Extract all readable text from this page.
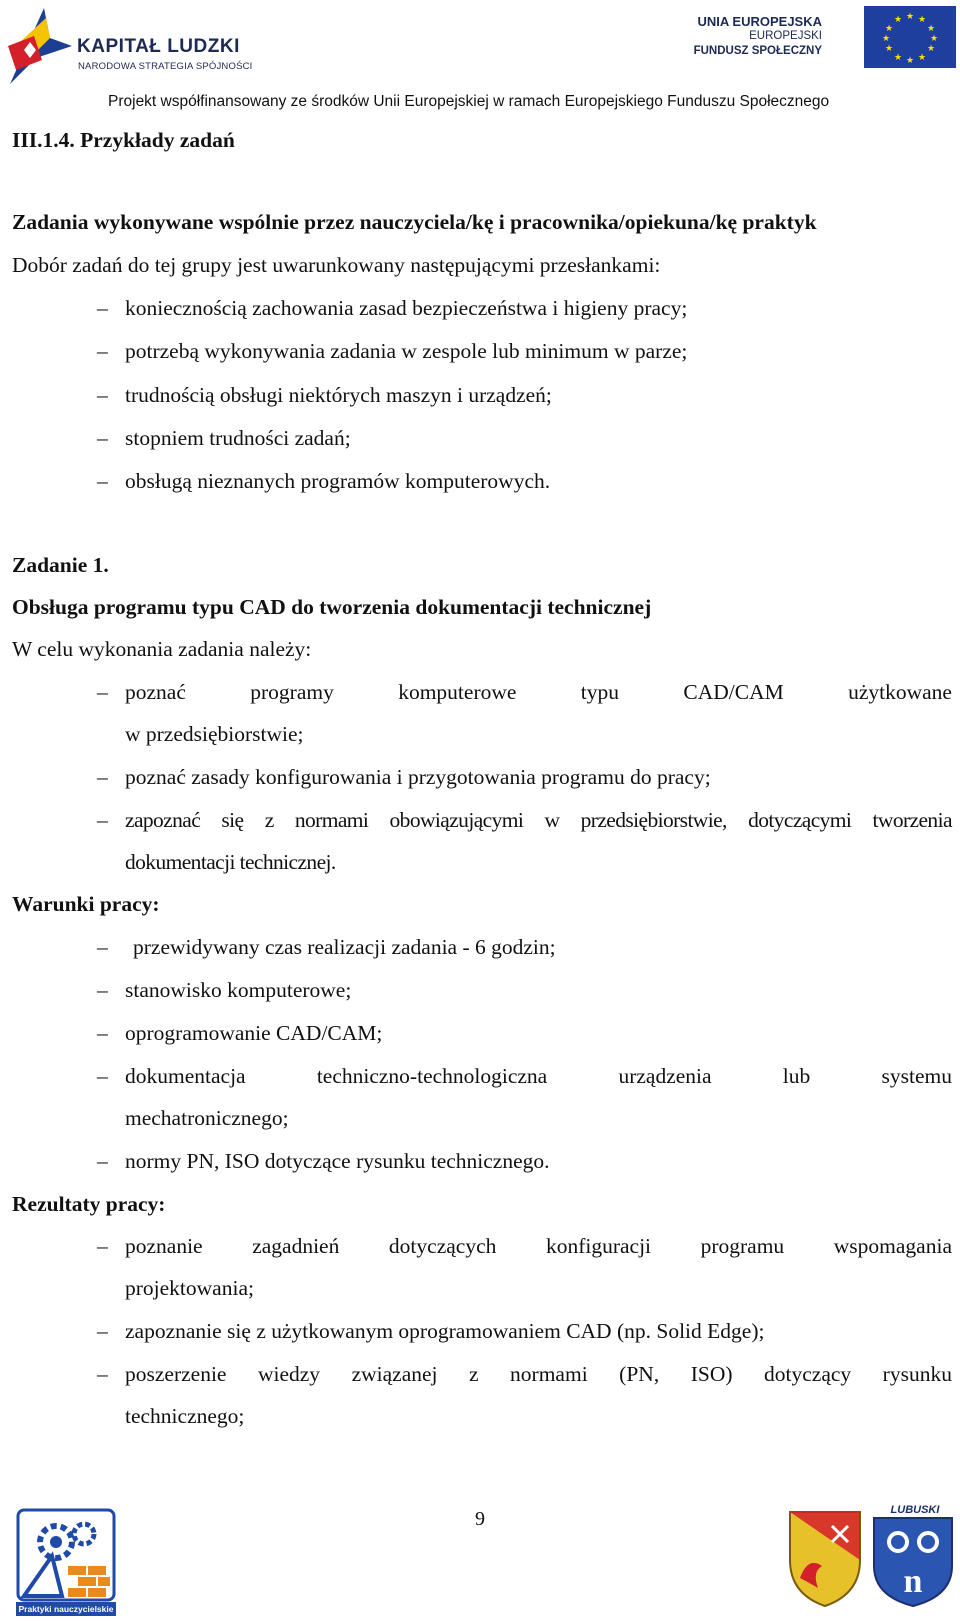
KAPITAŁ LUDZKI
NARODOWA STRATEGIA SPÓJNOŚCI
UNIA EUROPEJSKA
EUROPEJSKI
FUNDUSZ SPOŁECZNY
★ ★
★
★
★
★
★
★
★
★
★
★
Projekt współfinansowany ze środków Unii Europejskiej w ramach Europejskiego Funduszu Społecznego
III.1.4. Przykłady zadań
Zadania wykonywane wspólnie przez nauczyciela/kę i pracownika/opiekuna/kę praktyk
Dobór zadań do tej grupy jest uwarunkowany następującymi przesłankami:
– koniecznością zachowania zasad bezpieczeństwa i higieny pracy;
– potrzebą wykonywania zadania w zespole lub minimum w parze;
– trudnością obsługi niektórych maszyn i urządzeń;
– stopniem trudności zadań;
– obsługą nieznanych programów komputerowych.
Zadanie 1.
Obsługa programu typu CAD do tworzenia dokumentacji technicznej
W celu wykonania zadania należy:
– poznać	programy	komputerowe	typu	CAD/CAM	użytkowane
w przedsiębiorstwie;
– poznać zasady konfigurowania i przygotowania programu do pracy;
– zapoznać się z normami obowiązującymi w przedsiębiorstwie, dotyczącymi tworzenia
dokumentacji technicznej.
Warunki pracy:
– przewidywany czas realizacji zadania - 6 godzin;
– stanowisko komputerowe;
– oprogramowanie CAD/CAM;
– dokumentacja	techniczno-technologiczna	urządzenia	lub	systemu
mechatronicznego;
– normy PN, ISO dotyczące rysunku technicznego.
Rezultaty pracy:
– poznanie zagadnień dotyczących konfiguracji programu wspomagania
projektowania;
– zapoznanie się z użytkowanym oprogramowaniem CAD (np. Solid Edge);
– poszerzenie wiedzy związanej z normami (PN, ISO) dotyczący rysunku
technicznego;
Praktyki nauczycielskie
9
n
LUBUSKI
